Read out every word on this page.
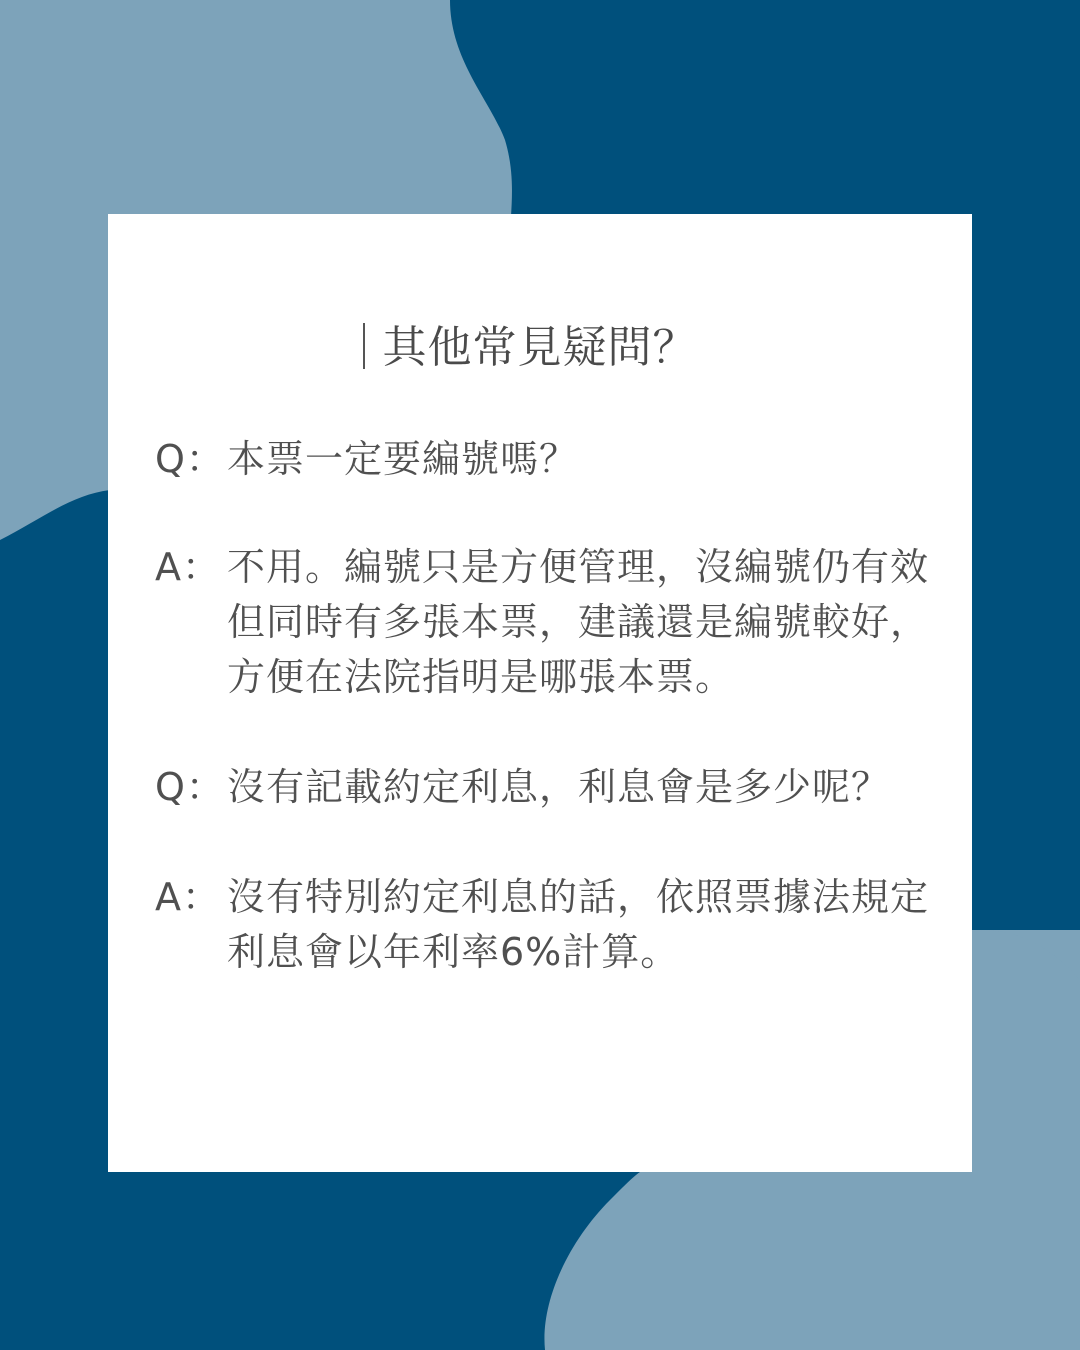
其他常見疑問？
Q： 本票一定要編號嗎？
A： 不用。編號只是方便管理，沒編號仍有效
但同時有多張本票，建議還是編號較好，
方便在法院指明是哪張本票。
Q： 沒有記載約定利息，利息會是多少呢？
A： 沒有特別約定利息的話，依照票據法規定
利息會以年利率6%計算。
